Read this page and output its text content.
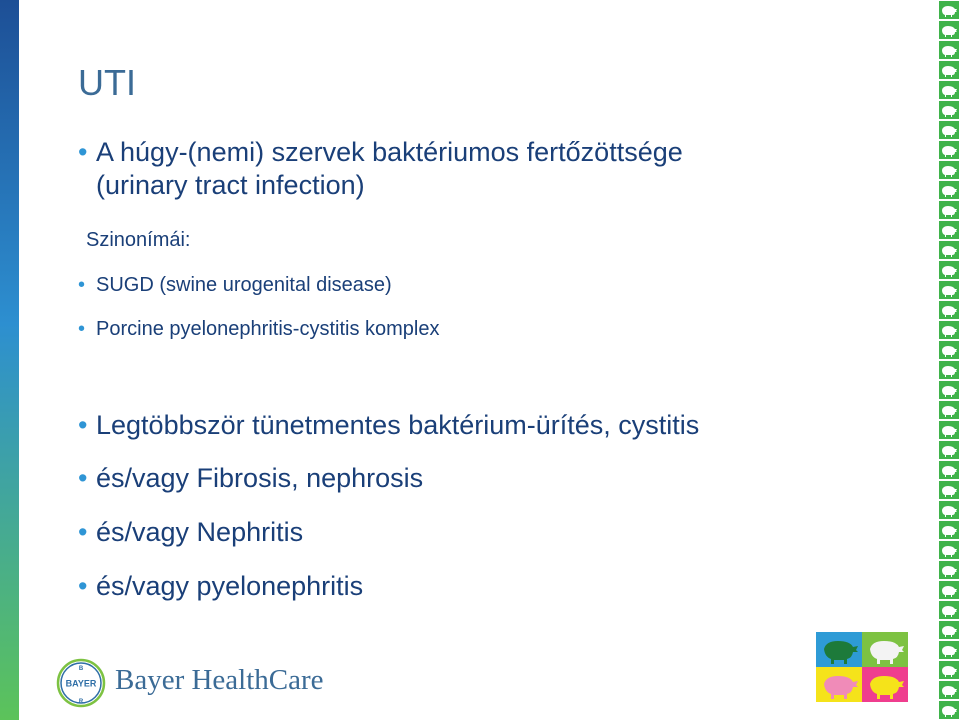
UTI
• A húgy-(nemi) szervek baktériumos fertőzöttsége
(urinary tract infection)
Szinonímái:
• SUGD (swine urogenital disease)
• Porcine pyelonephritis-cystitis komplex
• Legtöbbször tünetmentes baktérium-ürítés, cystitis
• és/vagy Fibrosis, nephrosis
• és/vagy Nephritis
• és/vagy pyelonephritis
BAYER
B
R
Bayer HealthCare
